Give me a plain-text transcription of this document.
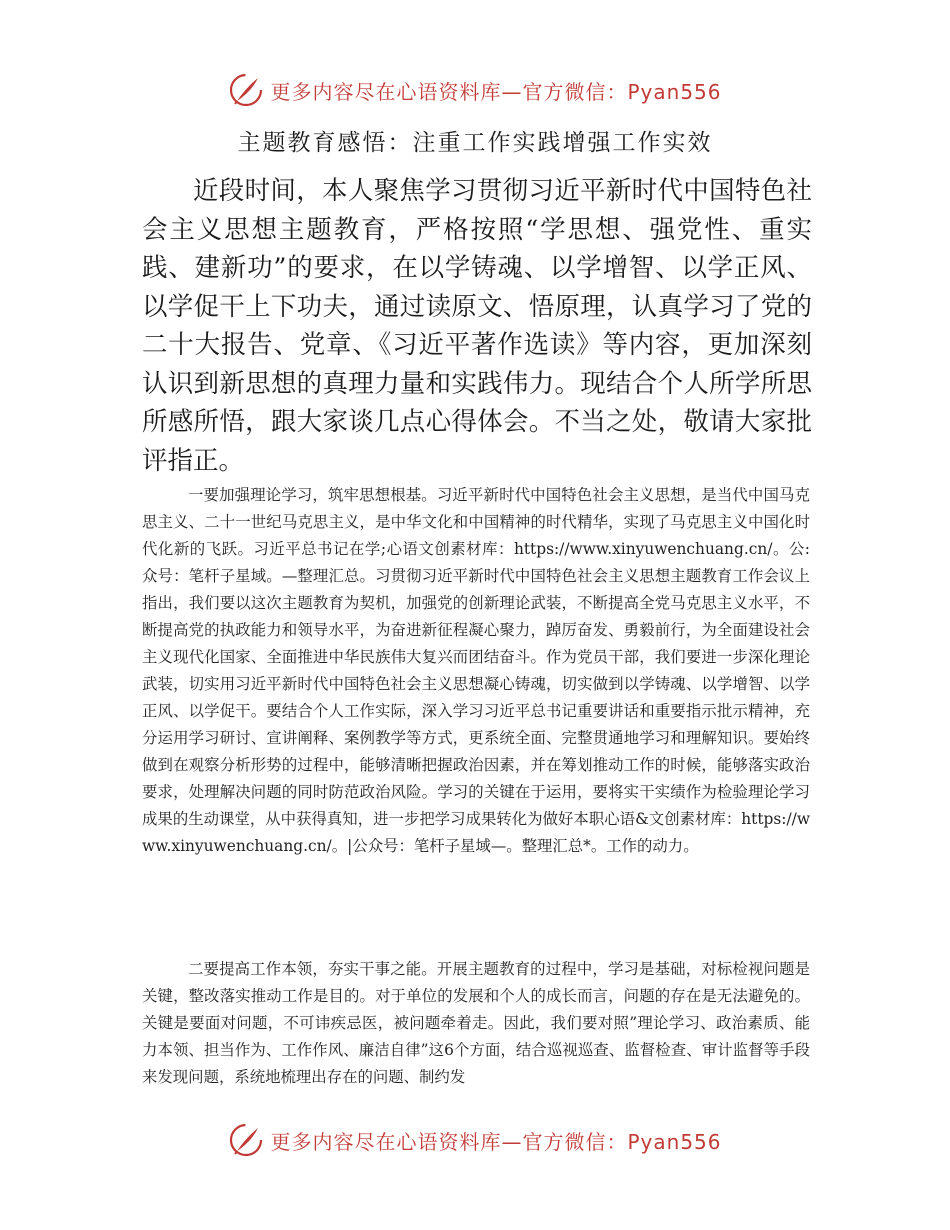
更多内容尽在心语资料库—官方微信：Pyan556
主题教育感悟：注重工作实践增强工作实效

近段时间，本人聚焦学习贯彻习近平新时代中国特色社会主义思想主题教育，严格按照“学思想、强党性、重实践、建新功”的要求，在以学铸魂、以学增智、以学正风、以学促干上下功夫，通过读原文、悟原理，认真学习了党的二十大报告、党章、《习近平著作选读》等内容，更加深刻认识到新思想的真理力量和实践伟力。现结合个人所学所思所感所悟，跟大家谈几点心得体会。不当之处，敬请大家批评指正。

一要加强理论学习，筑牢思想根基。习近平新时代中国特色社会主义思想，是当代中国马克思主义、二十一世纪马克思主义，是中华文化和中国精神的时代精华，实现了马克思主义中国化时代化新的飞跃。习近平总书记在学;心语文创素材库：https://www.xinyuwenchuang.cn/。公:众号：笔杆子星域。—整理汇总。习贯彻习近平新时代中国特色社会主义思想主题教育工作会议上指出，我们要以这次主题教育为契机，加强党的创新理论武装，不断提高全党马克思主义水平，不断提高党的执政能力和领导水平，为奋进新征程凝心聚力，踔厉奋发、勇毅前行，为全面建设社会主义现代化国家、全面推进中华民族伟大复兴而团结奋斗。作为党员干部，我们要进一步深化理论武装，切实用习近平新时代中国特色社会主义思想凝心铸魂，切实做到以学铸魂、以学增智、以学正风、以学促干。要结合个人工作实际，深入学习习近平总书记重要讲话和重要指示批示精神，充分运用学习研讨、宣讲阐释、案例教学等方式，更系统全面、完整贯通地学习和理解知识。要始终做到在观察分析形势的过程中，能够清晰把握政治因素，并在筹划推动工作的时候，能够落实政治要求，处理解决问题的同时防范政治风险。学习的关键在于运用，要将实干实绩作为检验理论学习成果的生动课堂，从中获得真知，进一步把学习成果转化为做好本职心语&文创素材库：https://www.xinyuwenchuang.cn/。|公众号：笔杆子星域—。整理汇总*。工作的动力。

二要提高工作本领，夯实干事之能。开展主题教育的过程中，学习是基础，对标检视问题是关键，整改落实推动工作是目的。对于单位的发展和个人的成长而言，问题的存在是无法避免的。关键是要面对问题，不可讳疾忌医，被问题牵着走。因此，我们要对照”理论学习、政治素质、能力本领、担当作为、工作作风、廉洁自律”这6个方面，结合巡视巡查、监督检查、审计监督等手段来发现问题，系统地梳理出存在的问题、制约发

更多内容尽在心语资料库—官方微信：Pyan556
